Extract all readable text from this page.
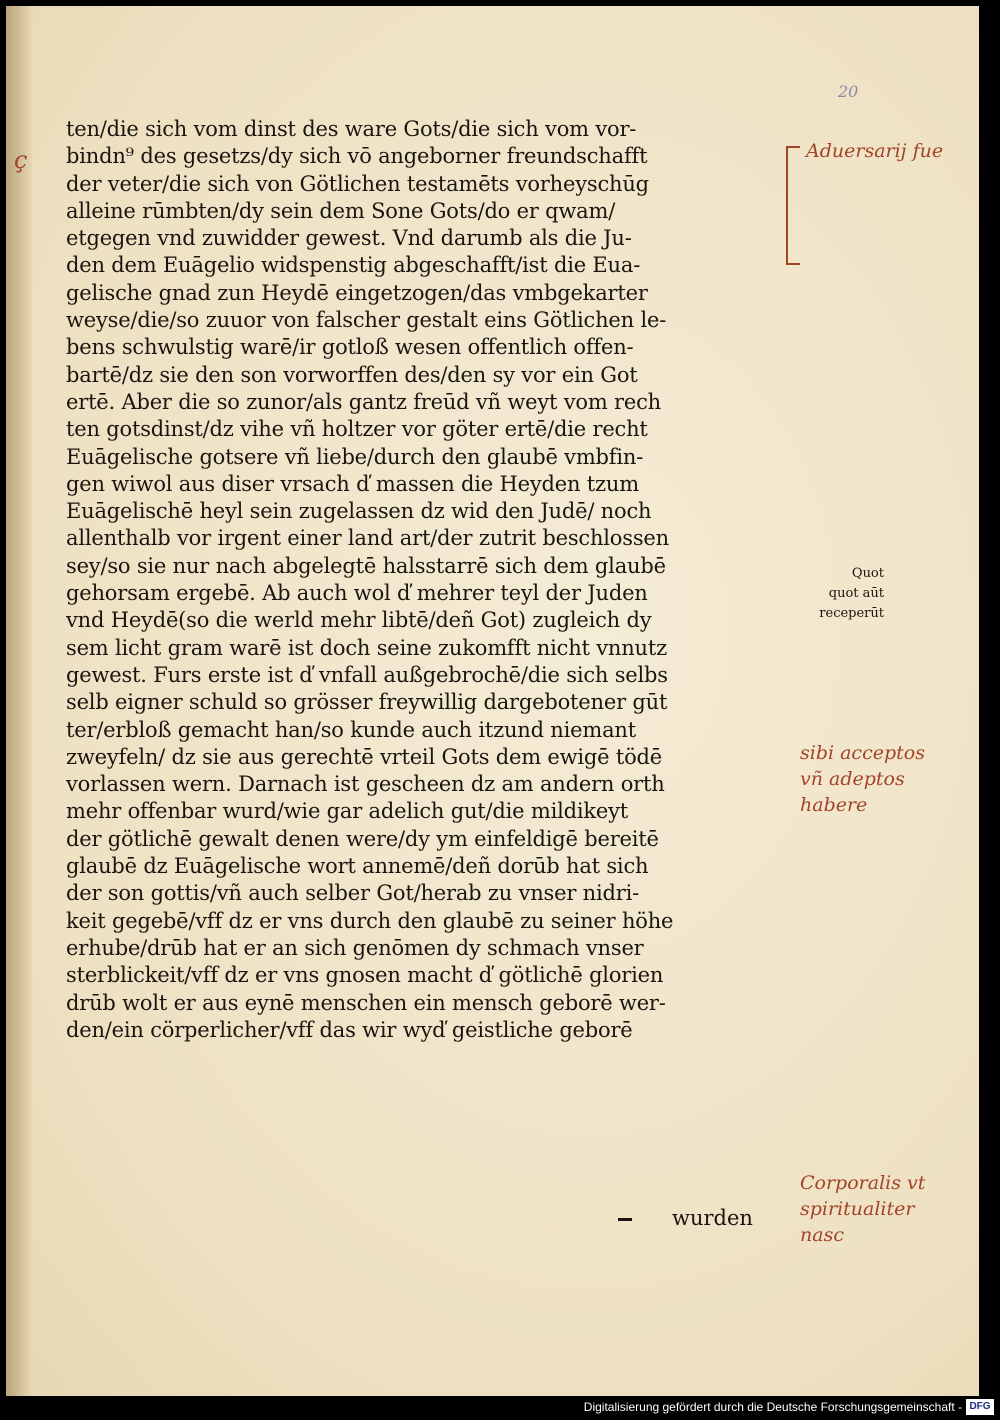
20
ç
ten/die sich vom dinst des ware Gots/die sich vom vor-
bindn⁹ des gesetzs/dy sich vō angeborner freundschafft
der veter/die sich von Götlichen testamēts vorheyschūg
alleine rūmbten/dy sein dem Sone Gots/do er qwam/
etgegen vnd zuwidder gewest. Vnd darumb als die Ju-
den dem Euāgelio widspenstig abgeschafft/ist die Eua-
gelische gnad zun Heydē eingetzogen/das vmbgekarter
weyse/die/so zuuor von falscher gestalt eins Götlichen le-
bens schwulstig warē/ir gotloß wesen offentlich offen-
bartē/dz sie den son vorworffen des/den sy vor ein Got
ertē. Aber die so zunor/als gantz freūd vñ weyt vom rech
ten gotsdinst/dz vihe vñ holtzer vor göter ertē/die recht
Euāgelische gotsere vñ liebe/durch den glaubē vmbfin-
gen wiwol aus diser vrsach ď massen die Heyden tzum
Euāgelischē heyl sein zugelassen dz wid den Judē/ noch
allenthalb vor irgent einer land art/der zutrit beschlossen
sey/so sie nur nach abgelegtē halsstarrē sich dem glaubē
gehorsam ergebē. Ab auch wol ď mehrer teyl der Juden
vnd Heydē(so die werld mehr libtē/deñ Got) zugleich dy
sem licht gram warē ist doch seine zukomfft nicht vnnutz
gewest. Furs erste ist ď vnfall außgebrochē/die sich selbs
selb eigner schuld so grösser freywillig dargebotener gūt
ter/erbloß gemacht han/so kunde auch itzund niemant
zweyfeln/ dz sie aus gerechtē vrteil Gots dem ewigē tödē
vorlassen wern. Darnach ist gescheen dz am andern orth
mehr offenbar wurd/wie gar adelich gut/die mildikeyt
der götlichē gewalt denen were/dy ym einfeldigē bereitē
glaubē dz Euāgelische wort annemē/deñ dorūb hat sich
der son gottis/vñ auch selber Got/herab zu vnser nidri-
keit gegebē/vff dz er vns durch den glaubē zu seiner höhe
erhube/drūb hat er an sich genōmen dy schmach vnser
sterblickeit/vff dz er vns gnosen macht ď götlichē glorien
drūb wolt er aus eynē menschen ein mensch geborē wer-
den/ein cörperlicher/vff das wir wyď geistliche geborē
wurden
Quot
quot aūt
receperūt
Aduersarij fue
sibi acceptos
vñ adeptos
habere
Corporalis vt
spiritualiter
nasc
Digitalisierung gefördert durch die Deutsche Forschungsgemeinschaft - DFG
